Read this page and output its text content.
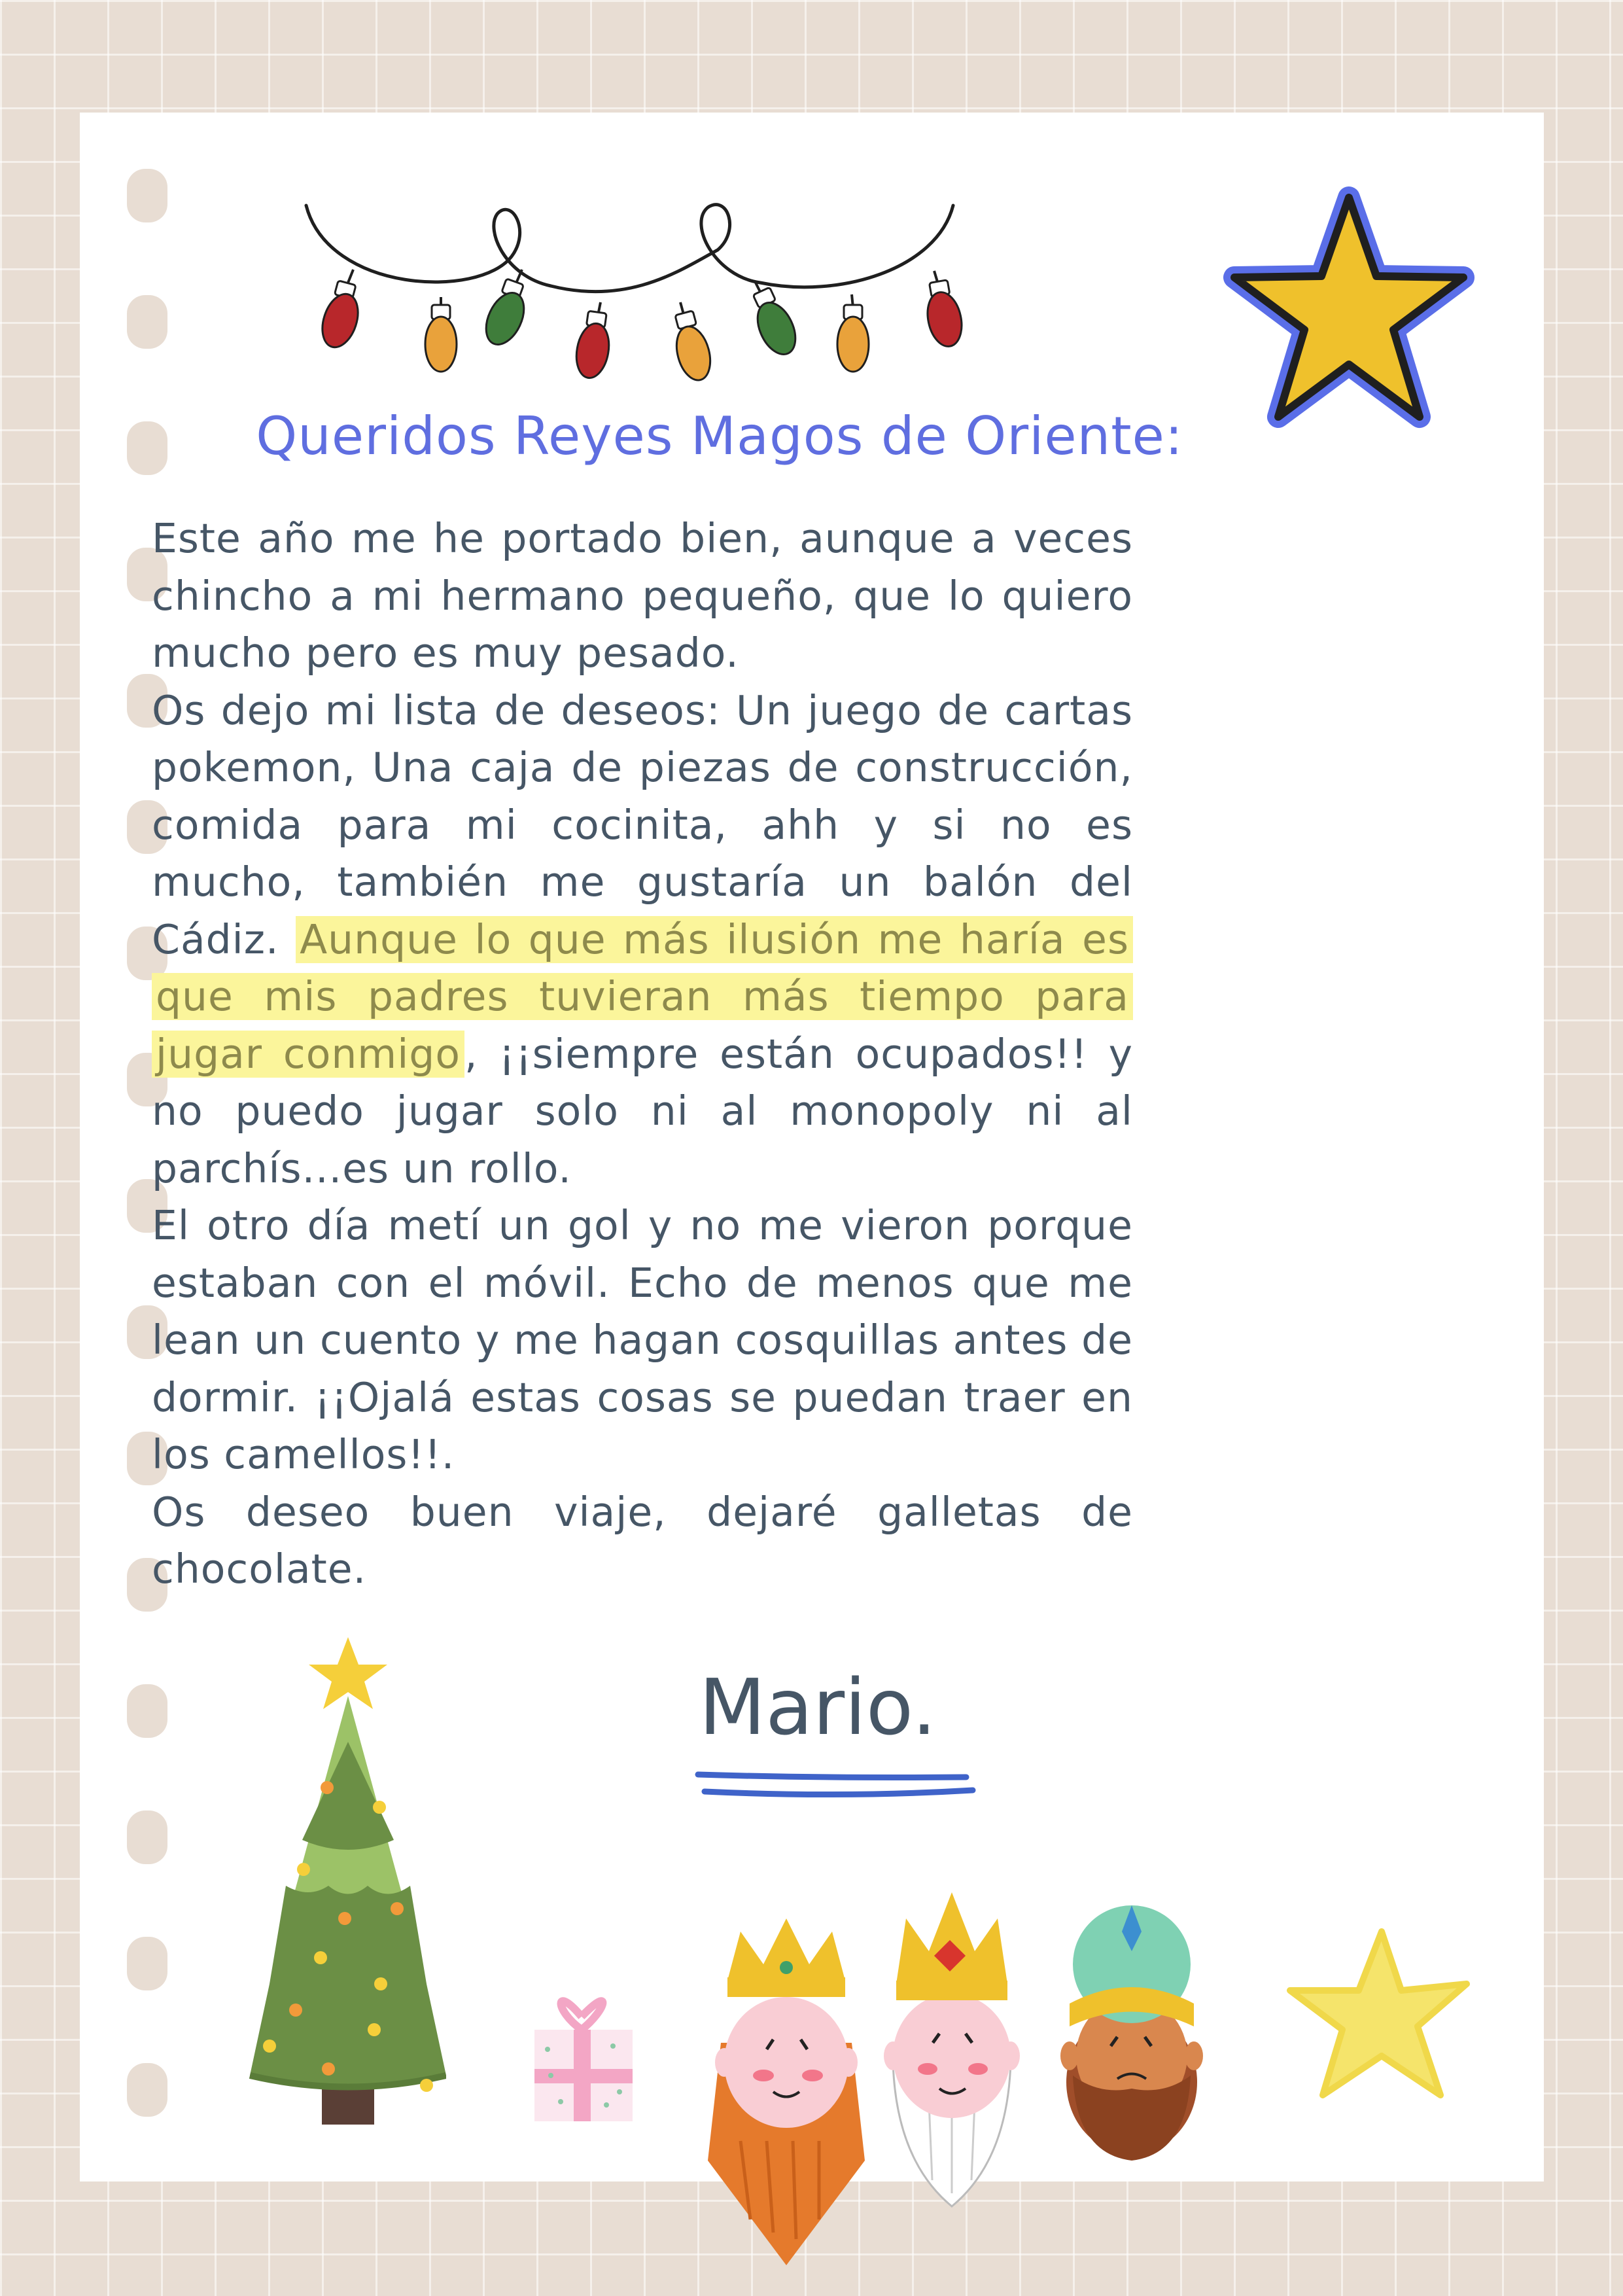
Queridos Reyes Magos de Oriente:

Este año me he portado bien, aunque a veces chincho a mi hermano pequeño, que lo quiero mucho pero es muy pesado.

Os dejo mi lista de deseos: Un juego de cartas pokemon, Una caja de piezas de construcción, comida para mi cocinita, ahh y si no es mucho, también me gustaría un balón del Cádiz. Aunque lo que más ilusión me haría es que mis padres tuvieran más tiempo para jugar conmigo, ¡¡siempre están ocupados!! y no puedo jugar solo ni al monopoly ni al parchís...es un rollo.

El otro día metí un gol y no me vieron porque estaban con el móvil. Echo de menos que me lean un cuento y me hagan cosquillas antes de dormir. ¡¡Ojalá estas cosas se puedan traer en los camellos!!.

Os deseo buen viaje, dejaré galletas de chocolate.

Mario.
